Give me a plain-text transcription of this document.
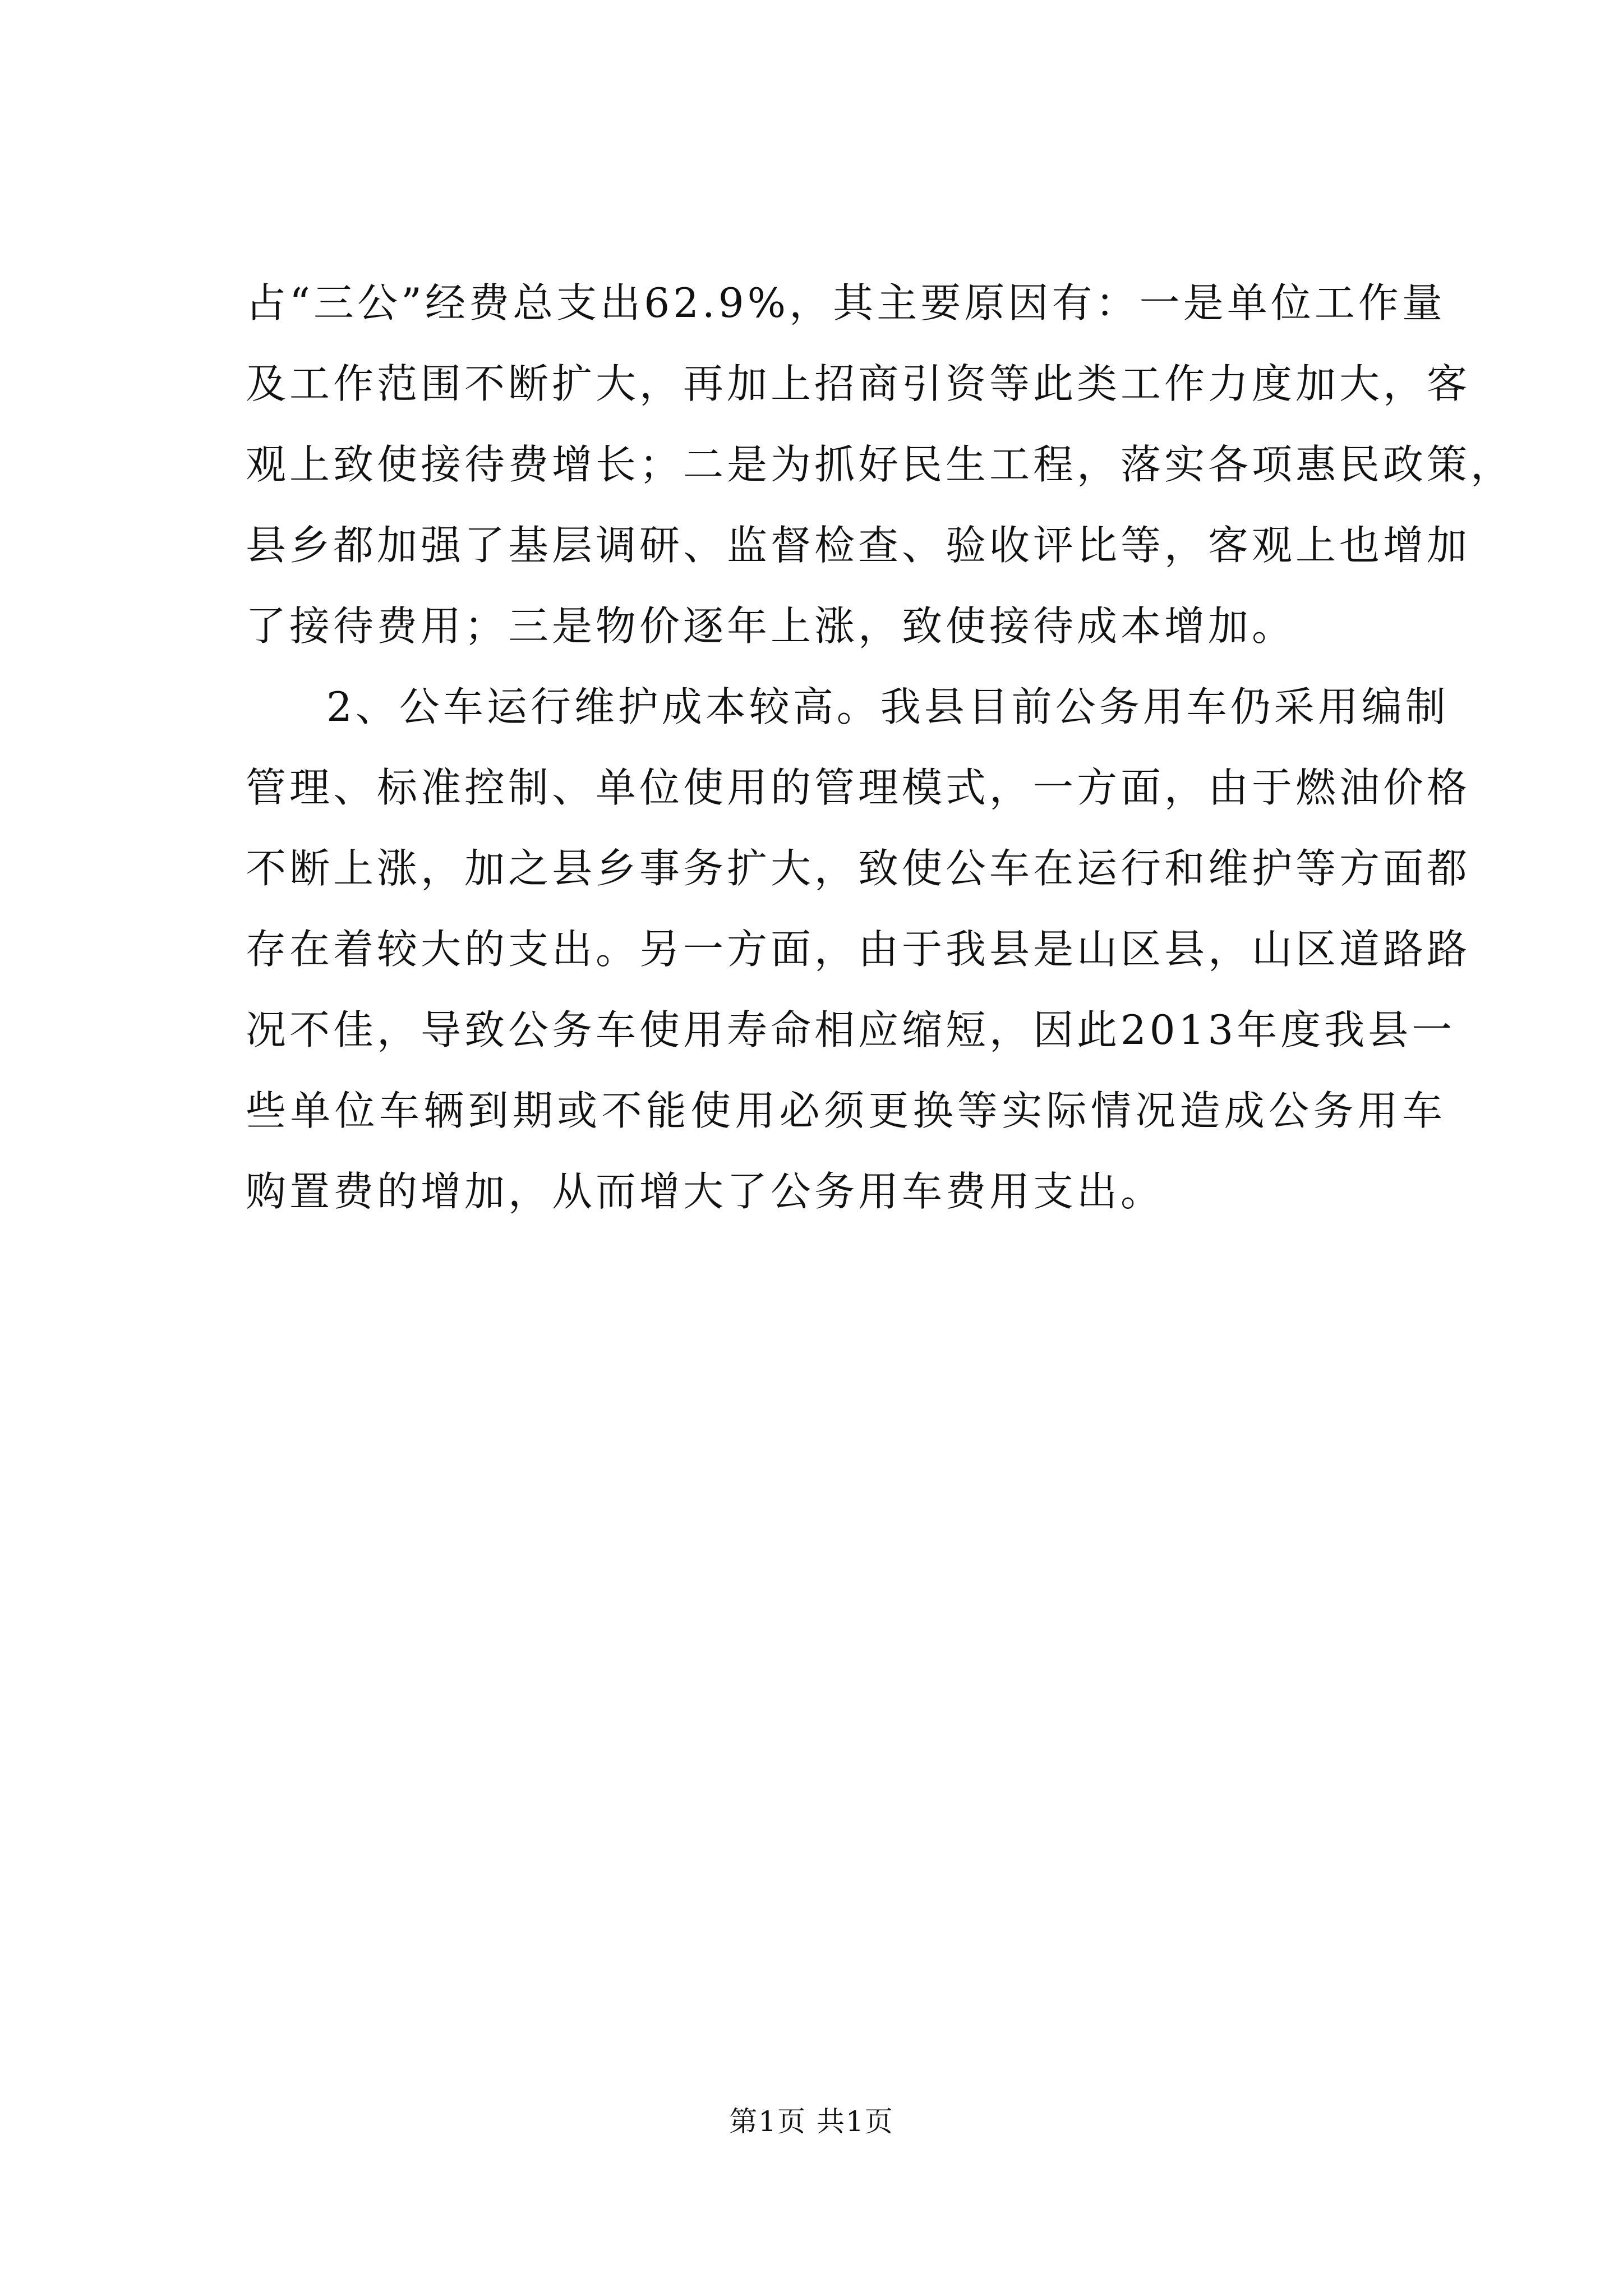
占“三公”经费总支出62.9%，其主要原因有：一是单位工作量
及工作范围不断扩大，再加上招商引资等此类工作力度加大，客
观上致使接待费增长；二是为抓好民生工程，落实各项惠民政策，
县乡都加强了基层调研、监督检查、验收评比等，客观上也增加
了接待费用；三是物价逐年上涨，致使接待成本增加。
2、公车运行维护成本较高。我县目前公务用车仍采用编制
管理、标准控制、单位使用的管理模式，一方面，由于燃油价格
不断上涨，加之县乡事务扩大，致使公车在运行和维护等方面都
存在着较大的支出。另一方面，由于我县是山区县，山区道路路
况不佳，导致公务车使用寿命相应缩短，因此2013年度我县一
些单位车辆到期或不能使用必须更换等实际情况造成公务用车
购置费的增加，从而增大了公务用车费用支出。
第1页 共1页
